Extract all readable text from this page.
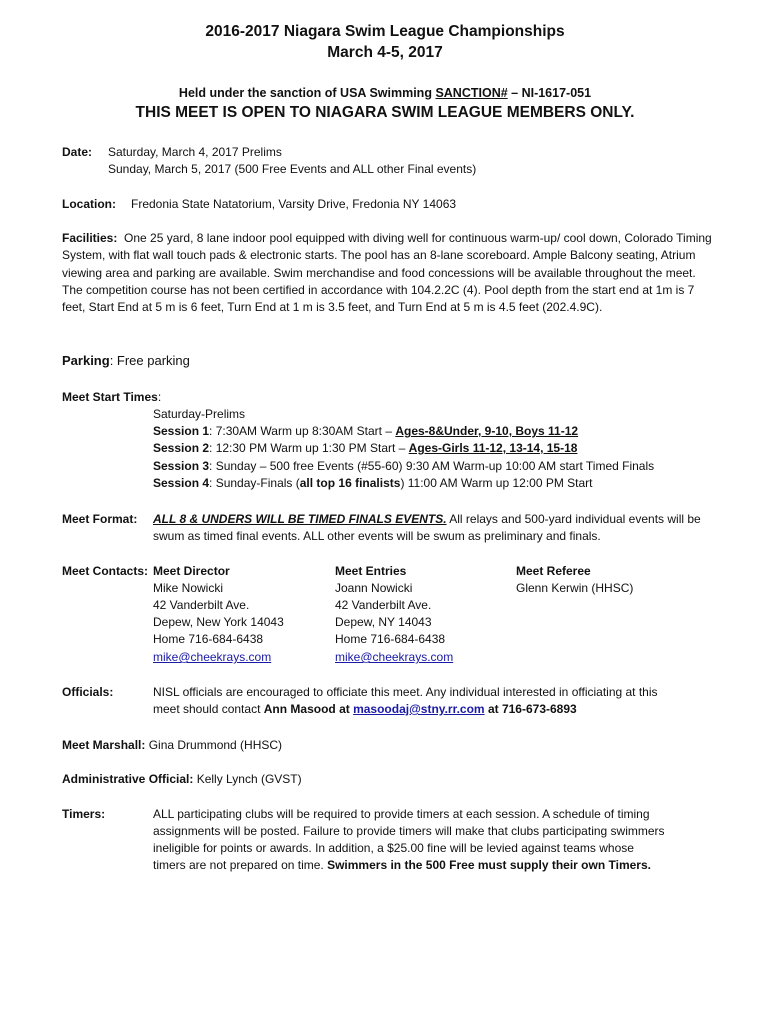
2016-2017 Niagara Swim League Championships
March 4-5, 2017
Held under the sanction of USA Swimming SANCTION# – NI-1617-051
THIS MEET IS OPEN TO NIAGARA SWIM LEAGUE MEMBERS ONLY.
Date: Saturday, March 4, 2017 Prelims
Sunday, March 5, 2017 (500 Free Events and ALL other Final events)
Location: Fredonia State Natatorium, Varsity Drive, Fredonia NY 14063
Facilities: One 25 yard, 8 lane indoor pool equipped with diving well for continuous warm-up/ cool down, Colorado Timing System, with flat wall touch pads & electronic starts. The pool has an 8-lane scoreboard. Ample Balcony seating, Atrium viewing area and parking are available. Swim merchandise and food concessions will be available throughout the meet. The competition course has not been certified in accordance with 104.2.2C (4). Pool depth from the start end at 1m is 7 feet, Start End at 5 m is 6 feet, Turn End at 1 m is 3.5 feet, and Turn End at 5 m is 4.5 feet (202.4.9C).
Parking: Free parking
Meet Start Times:
Saturday-Prelims
Session 1: 7:30AM Warm up 8:30AM Start – Ages-8&Under, 9-10, Boys 11-12
Session 2: 12:30 PM Warm up 1:30 PM Start – Ages-Girls 11-12, 13-14, 15-18
Session 3: Sunday – 500 free Events (#55-60) 9:30 AM Warm-up 10:00 AM start Timed Finals
Session 4: Sunday-Finals (all top 16 finalists) 11:00 AM Warm up 12:00 PM Start
Meet Format: ALL 8 & UNDERS WILL BE TIMED FINALS EVENTS. All relays and 500-yard individual events will be
swum as timed final events. ALL other events will be swum as preliminary and finals.
Meet Contacts: Meet Director
Mike Nowicki
42 Vanderbilt Ave.
Depew, New York 14043
Home 716-684-6438
mike@cheekrays.com
Meet Entries
Joann Nowicki
42 Vanderbilt Ave.
Depew, NY 14043
Home 716-684-6438
mike@cheekrays.com
Meet Referee
Glenn Kerwin (HHSC)
Officials:	NISL officials are encouraged to officiate this meet. Any individual interested in officiating at this
meet should contact Ann Masood at masoodaj@stny.rr.com at 716-673-6893
Meet Marshall: Gina Drummond (HHSC)
Administrative Official: Kelly Lynch (GVST)
Timers:	ALL participating clubs will be required to provide timers at each session. A schedule of timing
assignments will be posted. Failure to provide timers will make that clubs participating swimmers
ineligible for points or awards. In addition, a $25.00 fine will be levied against teams whose
timers are not prepared on time. Swimmers in the 500 Free must supply their own Timers.
